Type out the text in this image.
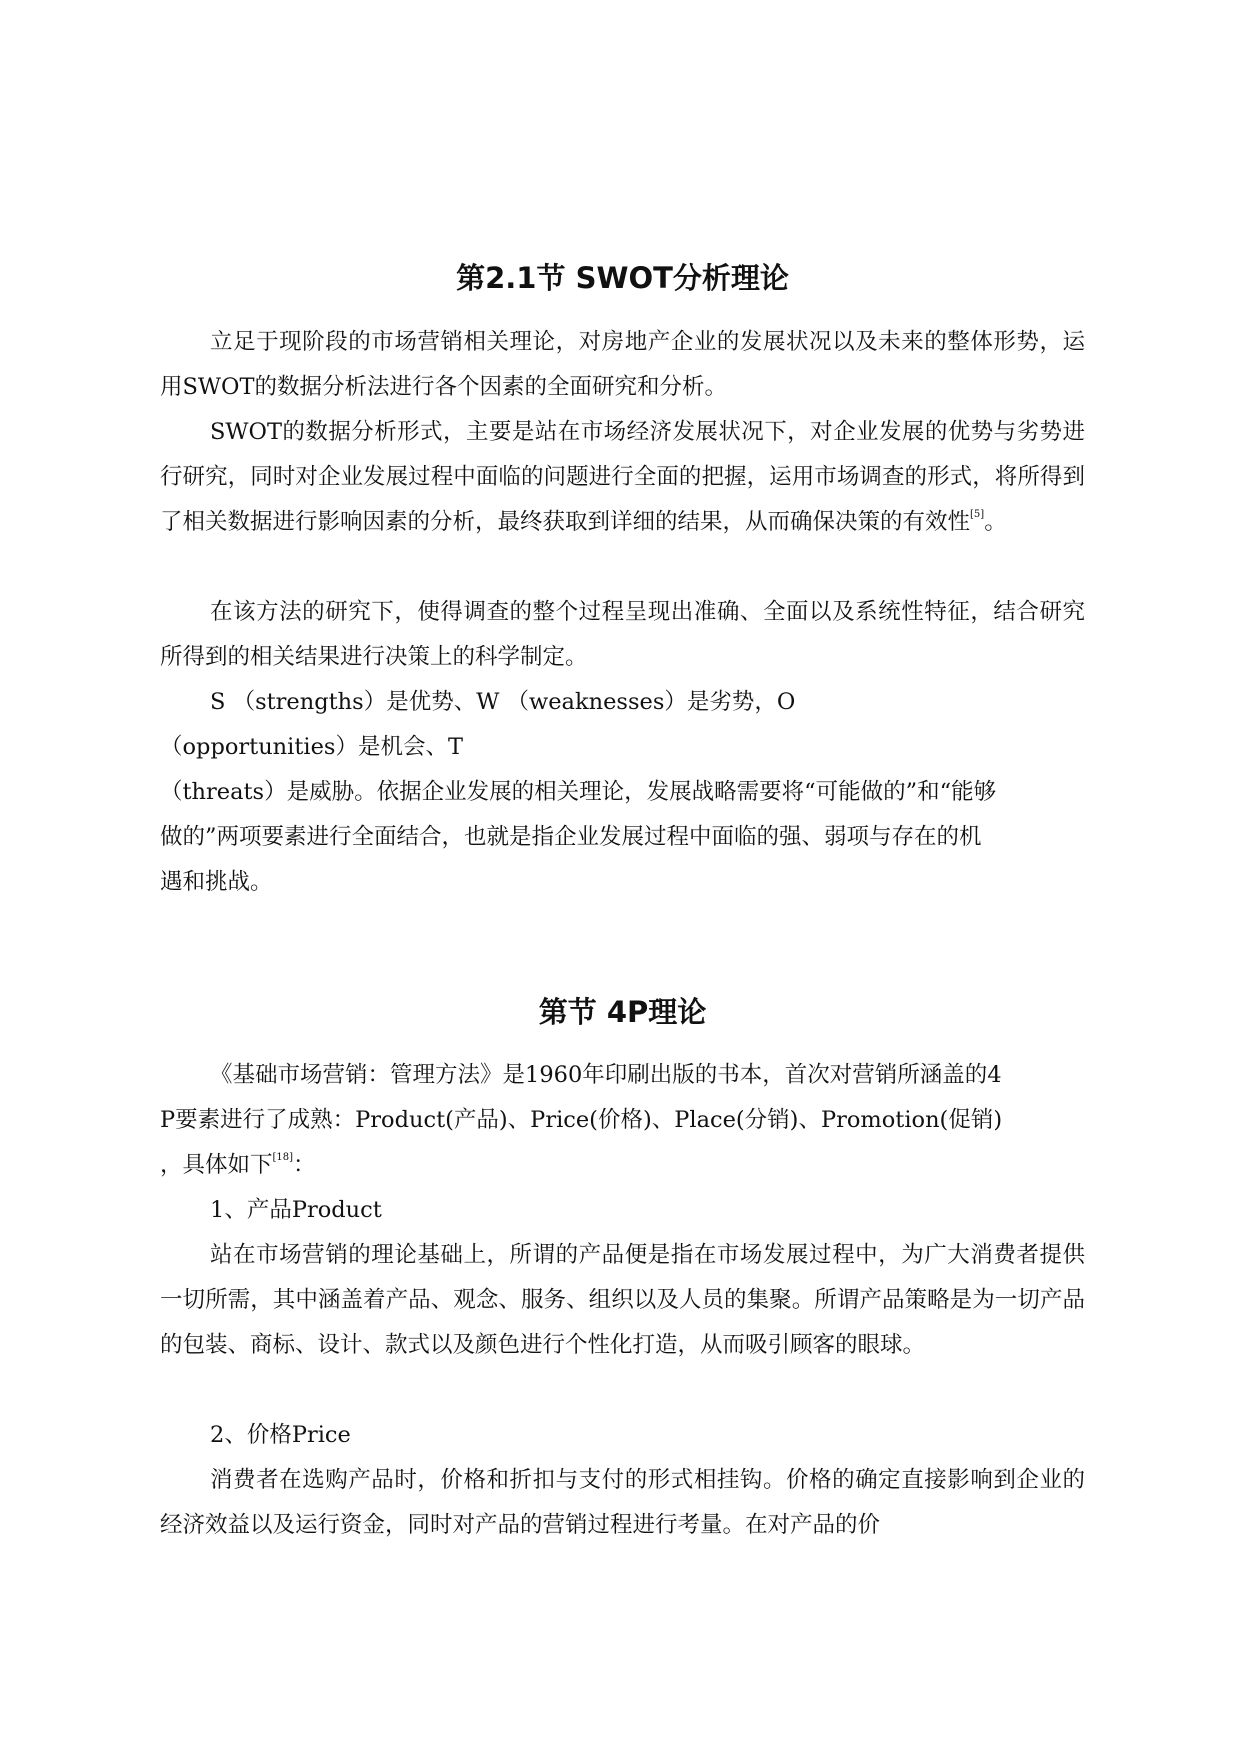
第2.1节 SWOT分析理论

立足于现阶段的市场营销相关理论，对房地产企业的发展状况以及未来的整体形势，运用SWOT的数据分析法进行各个因素的全面研究和分析。

SWOT的数据分析形式，主要是站在市场经济发展状况下，对企业发展的优势与劣势进行研究，同时对企业发展过程中面临的问题进行全面的把握，运用市场调查的形式，将所得到了相关数据进行影响因素的分析，最终获取到详细的结果，从而确保决策的有效性[5]。

在该方法的研究下，使得调查的整个过程呈现出准确、全面以及系统性特征，结合研究所得到的相关结果进行决策上的科学制定。

S （strengths）是优势、W （weaknesses）是劣势，O
（opportunities）是机会、T
（threats）是威胁。依据企业发展的相关理论，发展战略需要将“可能做的”和“能够
做的”两项要素进行全面结合，也就是指企业发展过程中面临的强、弱项与存在的机
遇和挑战。
第节 4P理论
《基础市场营销：管理方法》是1960年印刷出版的书本，首次对营销所涵盖的4
P要素进行了成熟：Product(产品)、Price(价格)、Place(分销)、Promotion(促销)
，具体如下[18]：

1、产品Product

站在市场营销的理论基础上，所谓的产品便是指在市场发展过程中，为广大消费者提供一切所需，其中涵盖着产品、观念、服务、组织以及人员的集聚。所谓产品策略是为一切产品的包装、商标、设计、款式以及颜色进行个性化打造，从而吸引顾客的眼球。

2、价格Price

消费者在选购产品时，价格和折扣与支付的形式相挂钩。价格的确定直接影响到企业的经济效益以及运行资金，同时对产品的营销过程进行考量。在对产品的价
